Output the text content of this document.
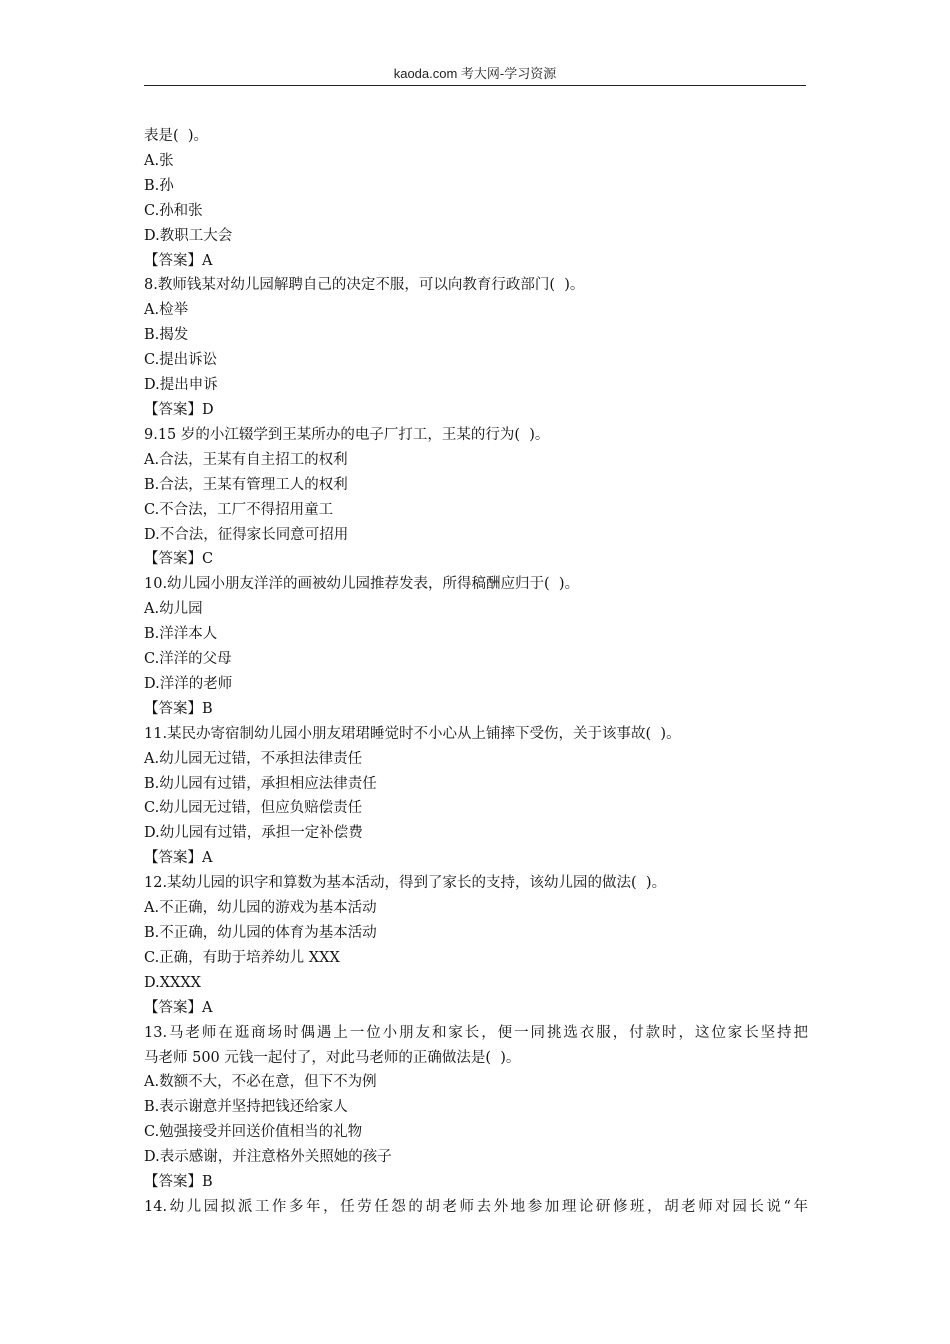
kaoda.com 考大网-学习资源
表是(  )。
A.张
B.孙
C.孙和张
D.教职工大会
【答案】A
8.教师钱某对幼儿园解聘自己的决定不服，可以向教育行政部门(  )。
A.检举
B.揭发
C.提出诉讼
D.提出申诉
【答案】D
9.15 岁的小江辍学到王某所办的电子厂打工，王某的行为(  )。
A.合法，王某有自主招工的权利
B.合法，王某有管理工人的权利
C.不合法，工厂不得招用童工
D.不合法，征得家长同意可招用
【答案】C
10.幼儿园小朋友洋洋的画被幼儿园推荐发表，所得稿酬应归于(  )。
A.幼儿园
B.洋洋本人
C.洋洋的父母
D.洋洋的老师
【答案】B
11.某民办寄宿制幼儿园小朋友珺珺睡觉时不小心从上铺摔下受伤，关于该事故(  )。
A.幼儿园无过错，不承担法律责任
B.幼儿园有过错，承担相应法律责任
C.幼儿园无过错，但应负赔偿责任
D.幼儿园有过错，承担一定补偿费
【答案】A
12.某幼儿园的识字和算数为基本活动，得到了家长的支持，该幼儿园的做法(  )。
A.不正确，幼儿园的游戏为基本活动
B.不正确，幼儿园的体育为基本活动
C.正确，有助于培养幼儿 XXX
D.XXXX
【答案】A
13.马老师在逛商场时偶遇上一位小朋友和家长，便一同挑选衣服，付款时，这位家长坚持把
马老师 500 元钱一起付了，对此马老师的正确做法是(  )。
A.数额不大，不必在意，但下不为例
B.表示谢意并坚持把钱还给家人
C.勉强接受并回送价值相当的礼物
D.表示感谢，并注意格外关照她的孩子
【答案】B
14.幼儿园拟派工作多年，任劳任怨的胡老师去外地参加理论研修班，胡老师对园长说“年
